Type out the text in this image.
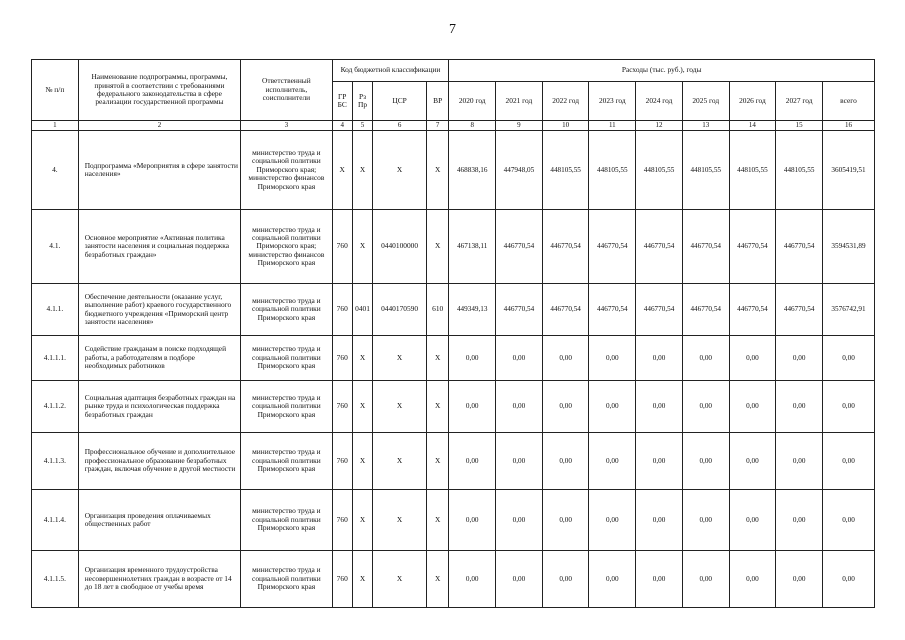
7
№ п/п	Наименование подпрограммы, программы, принятой в соответствии с требованиями федерального законодательства в сфере реализации государственной программы	Ответственный исполнитель, соисполнители	Код бюджетной классификации				Расходы (тыс. руб.), годы								
			ГР БС	Рз Пр	ЦСР	ВР	2020 год	2021 год	2022 год	2023 год	2024 год	2025 год	2026 год	2027 год	всего
1	2	3	4	5	6	7	8	9	10	11	12	13	14	15	16
4.	Подпрограмма «Мероприятия в сфере занятости населения»	министерство труда и социальной политики Приморского края; министерство финансов Приморского края	X	X	X	X	468838,16	447948,05	448105,55	448105,55	448105,55	448105,55	448105,55	448105,55	3605419,51
4.1.	Основное мероприятие «Активная политика занятости населения и социальная поддержка безработных граждан»	министерство труда и социальной политики Приморского края; министерство финансов Приморского края	760	X	0440100000	X	467138,11	446770,54	446770,54	446770,54	446770,54	446770,54	446770,54	446770,54	3594531,89
4.1.1.	Обеспечение деятельности (оказание услуг, выполнение работ) краевого государственного бюджетного учреждения «Приморский центр занятости населения»	министерство труда и социальной политики Приморского края	760	0401	0440170590	610	449349,13	446770,54	446770,54	446770,54	446770,54	446770,54	446770,54	446770,54	3576742,91
4.1.1.1.	Содействие гражданам в поиске подходящей работы, а работодателям в подборе необходимых работников	министерство труда и социальной политики Приморского края	760	X	X	X	0,00	0,00	0,00	0,00	0,00	0,00	0,00	0,00	0,00
4.1.1.2.	Социальная адаптация безработных граждан на рынке труда и психологическая поддержка безработных граждан	министерство труда и социальной политики Приморского края	760	X	X	X	0,00	0,00	0,00	0,00	0,00	0,00	0,00	0,00	0,00
4.1.1.3.	Профессиональное обучение и дополнительное профессиональное образование безработных граждан, включая обучение в другой местности	министерство труда и социальной политики Приморского края	760	X	X	X	0,00	0,00	0,00	0,00	0,00	0,00	0,00	0,00	0,00
4.1.1.4.	Организация проведения оплачиваемых общественных работ	министерство труда и социальной политики Приморского края	760	X	X	X	0,00	0,00	0,00	0,00	0,00	0,00	0,00	0,00	0,00
4.1.1.5.	Организация временного трудоустройства несовершеннолетних граждан в возрасте от 14 до 18 лет в свободное от учебы время	министерство труда и социальной политики Приморского края	760	X	X	X	0,00	0,00	0,00	0,00	0,00	0,00	0,00	0,00	0,00
